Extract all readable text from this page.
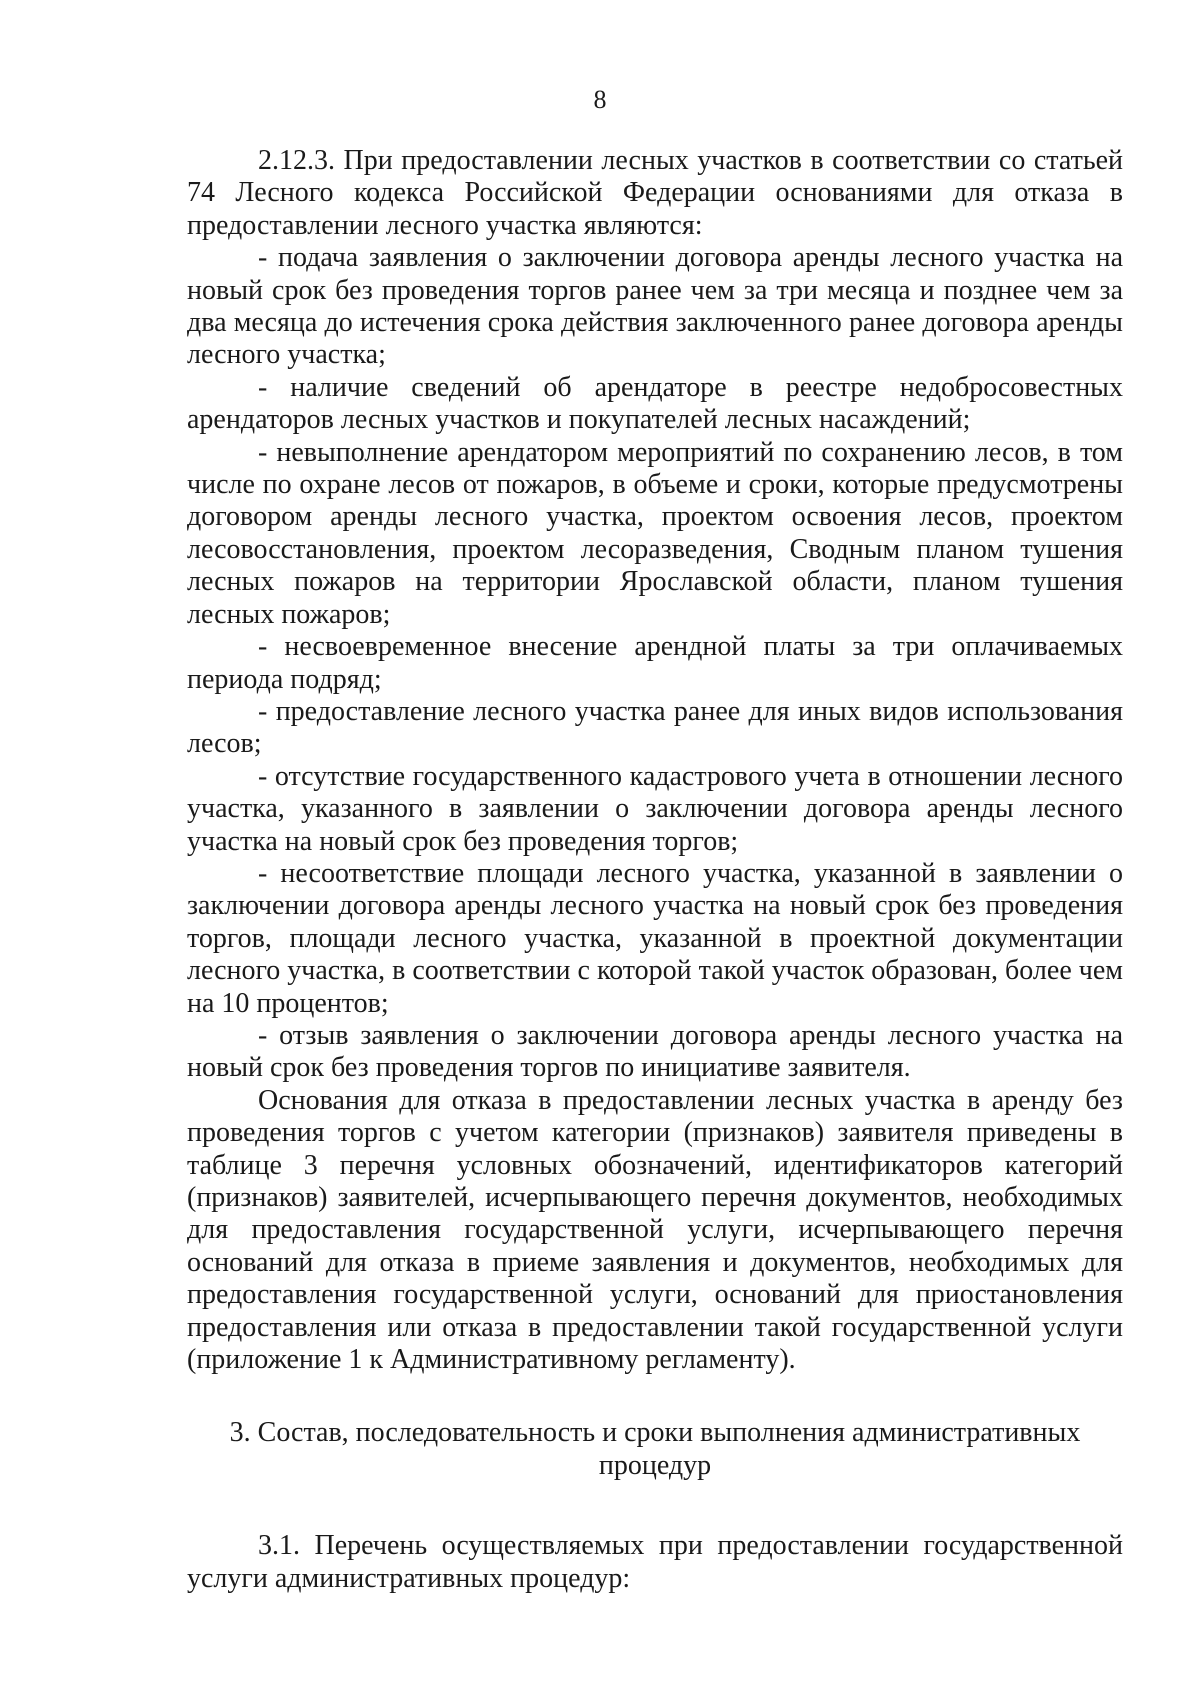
8

2.12.3. При предоставлении лесных участков в соответствии со статьей 74 Лесного кодекса Российской Федерации основаниями для отказа в предоставлении лесного участка являются:

- подача заявления о заключении договора аренды лесного участка на новый срок без проведения торгов ранее чем за три месяца и позднее чем за два месяца до истечения срока действия заключенного ранее договора аренды лесного участка;

- наличие сведений об арендаторе в реестре недобросовестных арендаторов лесных участков и покупателей лесных насаждений;

- невыполнение арендатором мероприятий по сохранению лесов, в том числе по охране лесов от пожаров, в объеме и сроки, которые предусмотрены договором аренды лесного участка, проектом освоения лесов, проектом лесовосстановления, проектом лесоразведения, Сводным планом тушения лесных пожаров на территории Ярославской области, планом тушения лесных пожаров;

- несвоевременное внесение арендной платы за три оплачиваемых периода подряд;

- предоставление лесного участка ранее для иных видов использования лесов;

- отсутствие государственного кадастрового учета в отношении лесного участка, указанного в заявлении о заключении договора аренды лесного участка на новый срок без проведения торгов;

- несоответствие площади лесного участка, указанной в заявлении о заключении договора аренды лесного участка на новый срок без проведения торгов, площади лесного участка, указанной в проектной документации лесного участка, в соответствии с которой такой участок образован, более чем на 10 процентов;

- отзыв заявления о заключении договора аренды лесного участка на новый срок без проведения торгов по инициативе заявителя.

Основания для отказа в предоставлении лесных участка в аренду без проведения торгов с учетом категории (признаков) заявителя приведены в таблице 3 перечня условных обозначений, идентификаторов категорий (признаков) заявителей, исчерпывающего перечня документов, необходимых для предоставления государственной услуги, исчерпывающего перечня оснований для отказа в приеме заявления и документов, необходимых для предоставления государственной услуги, оснований для приостановления предоставления или отказа в предоставлении такой государственной услуги (приложение 1 к Административному регламенту).

3. Состав, последовательность и сроки выполнения административных процедур

3.1. Перечень осуществляемых при предоставлении государственной услуги административных процедур:
